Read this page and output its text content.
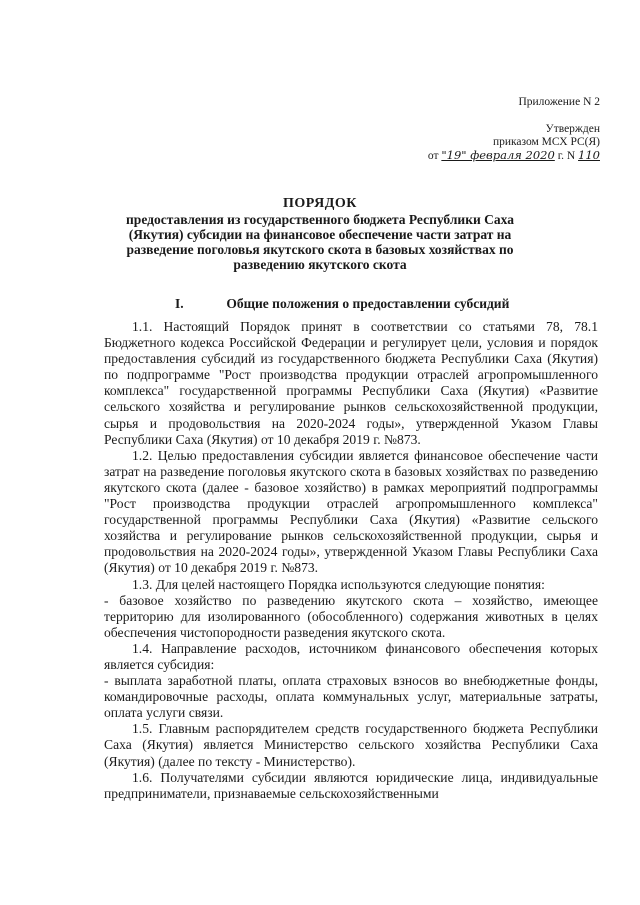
Приложение N 2
Утвержден
приказом МСХ РС(Я)
от "19" февраля 2020 г. N 110
ПОРЯДОК
предоставления из государственного бюджета Республики Саха (Якутия) субсидии на финансовое обеспечение части затрат на разведение поголовья якутского скота в базовых хозяйствах по разведению якутского скота
I.	Общие положения о предоставлении субсидий

1.1. Настоящий Порядок принят в соответствии со статьями 78, 78.1 Бюджетного кодекса Российской Федерации и регулирует цели, условия и порядок предоставления субсидий из государственного бюджета Республики Саха (Якутия) по подпрограмме "Рост производства продукции отраслей агропромышленного комплекса" государственной программы Республики Саха (Якутия) «Развитие сельского хозяйства и регулирование рынков сельскохозяйственной продукции, сырья и продовольствия на 2020-2024 годы», утвержденной Указом Главы Республики Саха (Якутия) от 10 декабря 2019 г. №873.

1.2. Целью предоставления субсидии является финансовое обеспечение части затрат на разведение поголовья якутского скота в базовых хозяйствах по разведению якутского скота (далее - базовое хозяйство) в рамках мероприятий подпрограммы "Рост производства продукции отраслей агропромышленного комплекса" государственной программы Республики Саха (Якутия) «Развитие сельского хозяйства и регулирование рынков сельскохозяйственной продукции, сырья и продовольствия на 2020-2024 годы», утвержденной Указом Главы Республики Саха (Якутия) от 10 декабря 2019 г. №873.

1.3. Для целей настоящего Порядка используются следующие понятия:

- базовое хозяйство по разведению якутского скота – хозяйство, имеющее территорию для изолированного (обособленного) содержания животных в целях обеспечения чистопородности разведения якутского скота.

1.4. Направление расходов, источником финансового обеспечения которых является субсидия:

- выплата заработной платы, оплата страховых взносов во внебюджетные фонды, командировочные расходы, оплата коммунальных услуг, материальные затраты, оплата услуги связи.

1.5. Главным распорядителем средств государственного бюджета Республики Саха (Якутия) является Министерство сельского хозяйства Республики Саха (Якутия) (далее по тексту - Министерство).

1.6. Получателями субсидии являются юридические лица, индивидуальные предприниматели, признаваемые сельскохозяйственными
